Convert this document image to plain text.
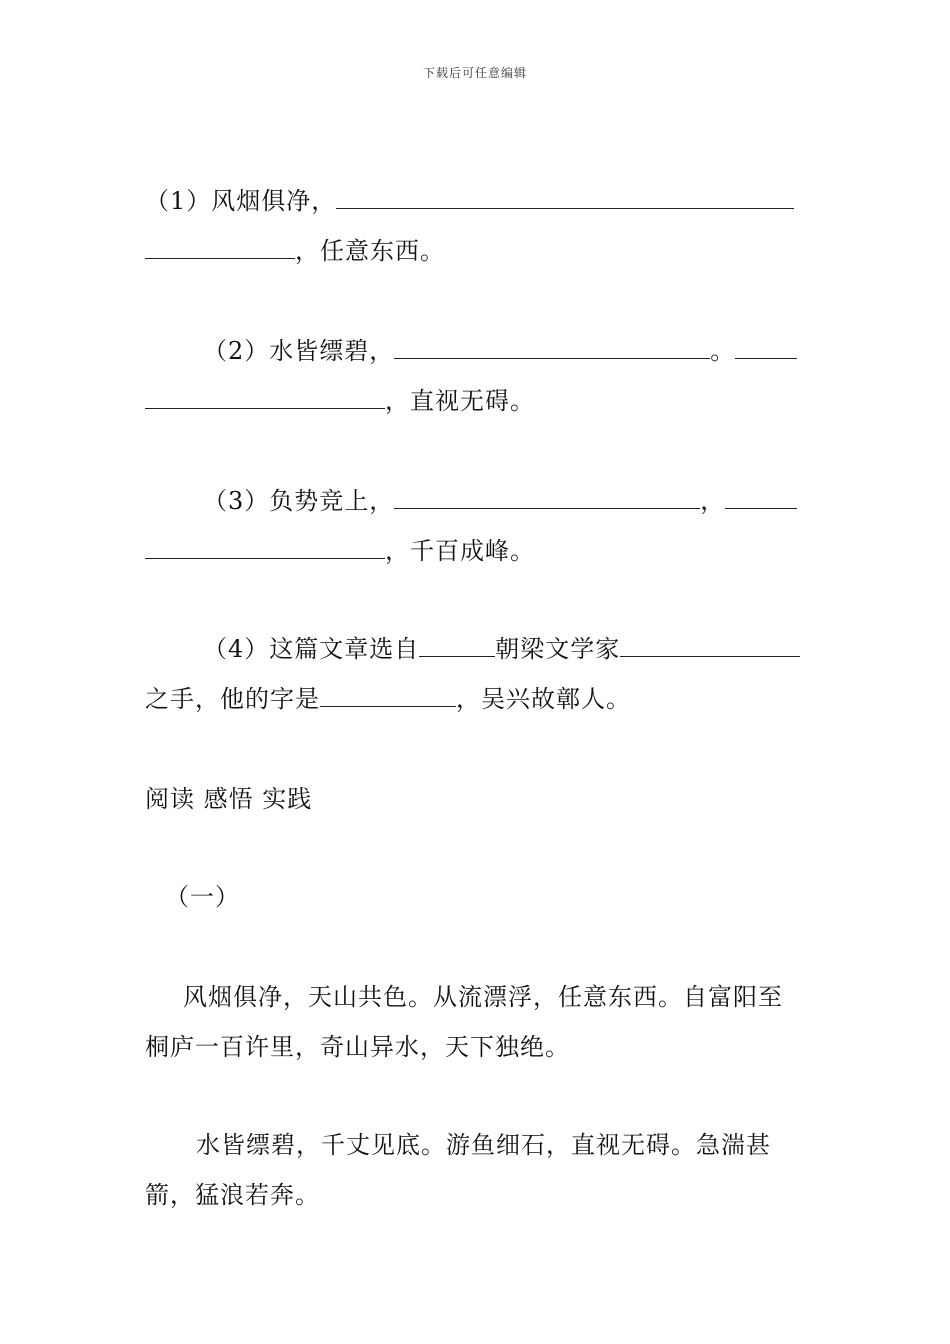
下载后可任意编辑
（1）风烟俱净，
，任意东西。
（2）水皆缥碧，	。
，直视无碍。
（3）负势竞上，	，
，千百成峰。
（4）这篇文章选自	朝梁文学家
之手，他的字是	，吴兴故鄣人。
阅读 感悟 实践
（一）
风烟俱净，天山共色。从流漂浮，任意东西。自富阳至
桐庐一百许里，奇山异水，天下独绝。
水皆缥碧，千丈见底。游鱼细石，直视无碍。急湍甚
箭，猛浪若奔。
